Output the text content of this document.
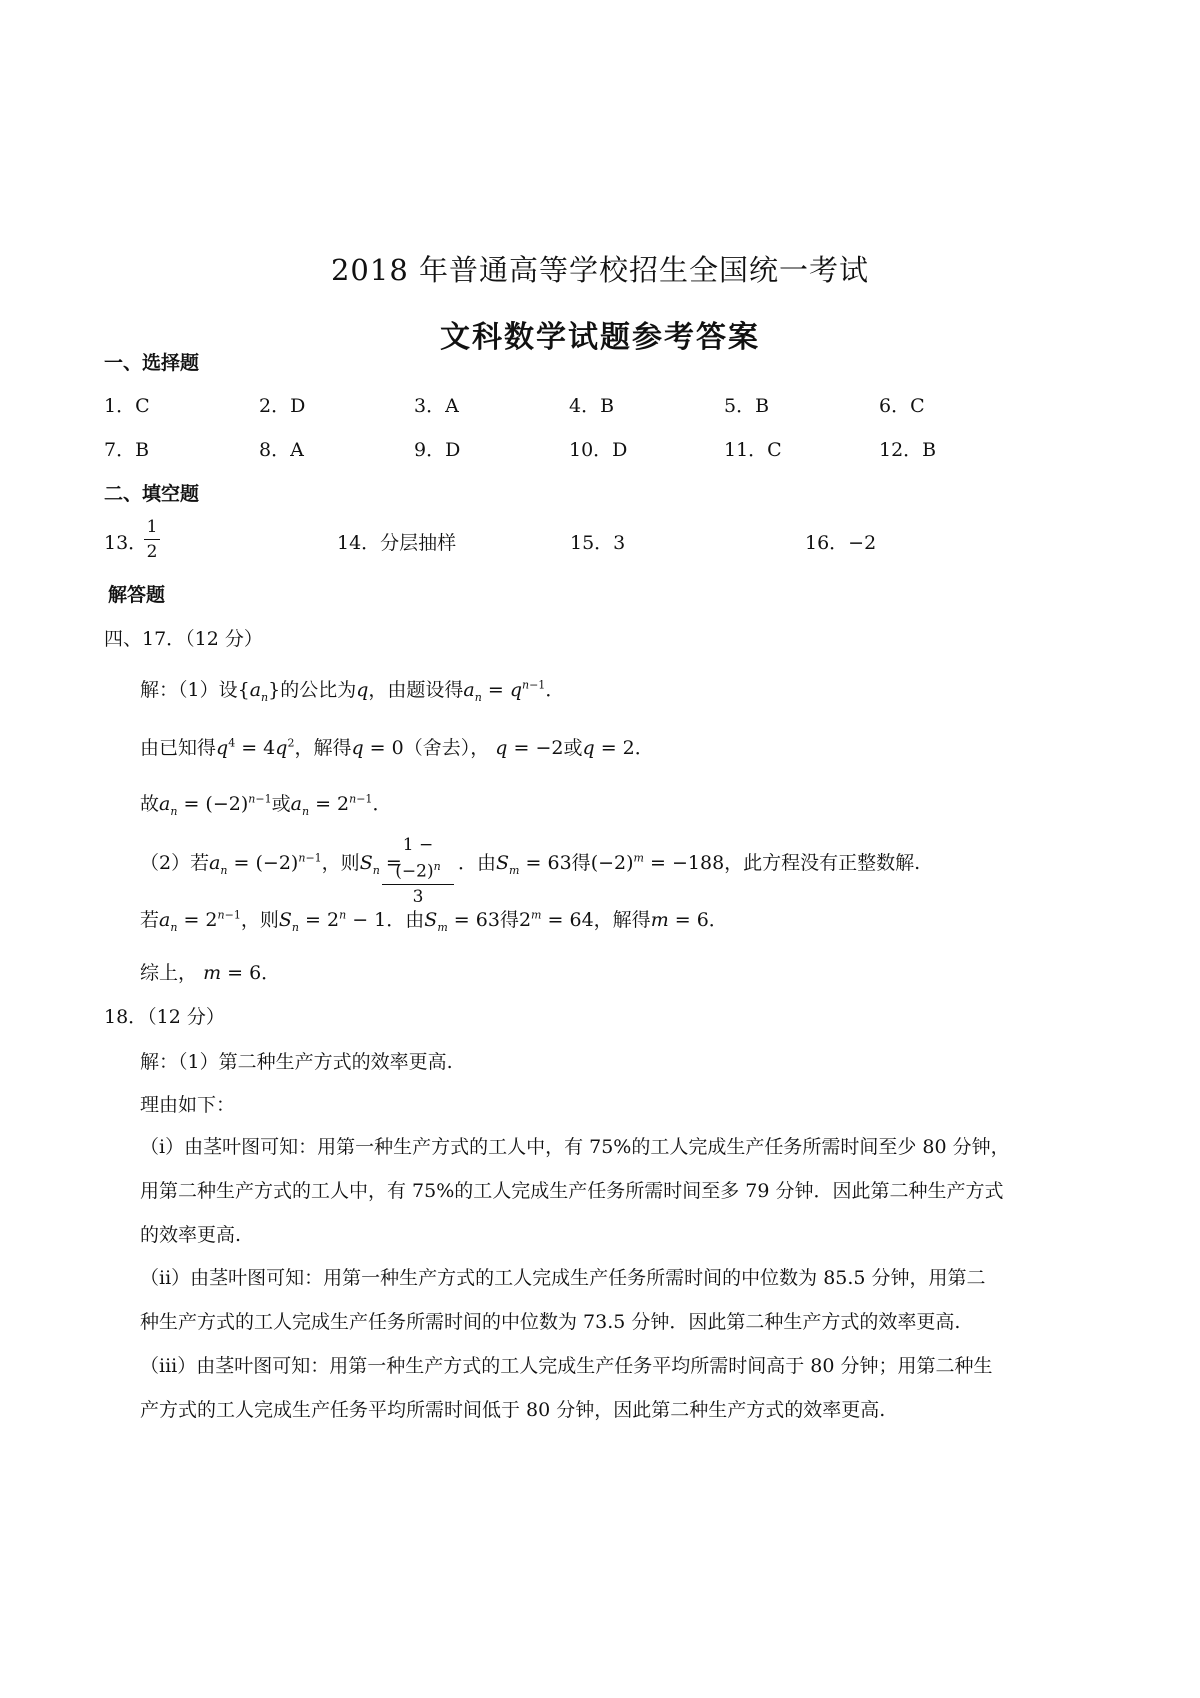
2018 年普通高等学校招生全国统一考试
文科数学试题参考答案
一、选择题
1．C	2．D	3．A	4．B	5．B	6．C
7．B	8．A	9．D	10．D	11．C	12．B
二、填空题
13．
1
2	14．分层抽样	15．3	16．−2
解答题
四、17．（12 分）
解：（1）设$\{a_n\}$的公比为q，由题设得$a_n = q^{n-1}$．
由已知得$q^4 = 4q^2$，解得q = 0（舍去）， q = −2或q = 2．
故$a_n = (-2)^{n-1}$或$a_n = 2^{n-1}$．
（2）若$a_n = (-2)^{n-1}$，则$S_n$ =
$1 - (-2)^n$
3
．由$S_m = 63$得$(-2)^m = -188$，此方程没有正整数解.
若$a_n = 2^{n-1}$，则$S_n = 2^n - 1$．由$S_m = 63$得$2^m = 64$，解得m = 6．
综上， m = 6．
18．（12 分）
解：（1）第二种生产方式的效率更高.
理由如下：
（i）由茎叶图可知：用第一种生产方式的工人中，有 75%的工人完成生产任务所需时间至少 80 分钟，
用第二种生产方式的工人中，有 75%的工人完成生产任务所需时间至多 79 分钟．因此第二种生产方式
的效率更高.
（ii）由茎叶图可知：用第一种生产方式的工人完成生产任务所需时间的中位数为 85.5 分钟，用第二
种生产方式的工人完成生产任务所需时间的中位数为 73.5 分钟．因此第二种生产方式的效率更高.
（iii）由茎叶图可知：用第一种生产方式的工人完成生产任务平均所需时间高于 80 分钟；用第二种生
产方式的工人完成生产任务平均所需时间低于 80 分钟，因此第二种生产方式的效率更高.
